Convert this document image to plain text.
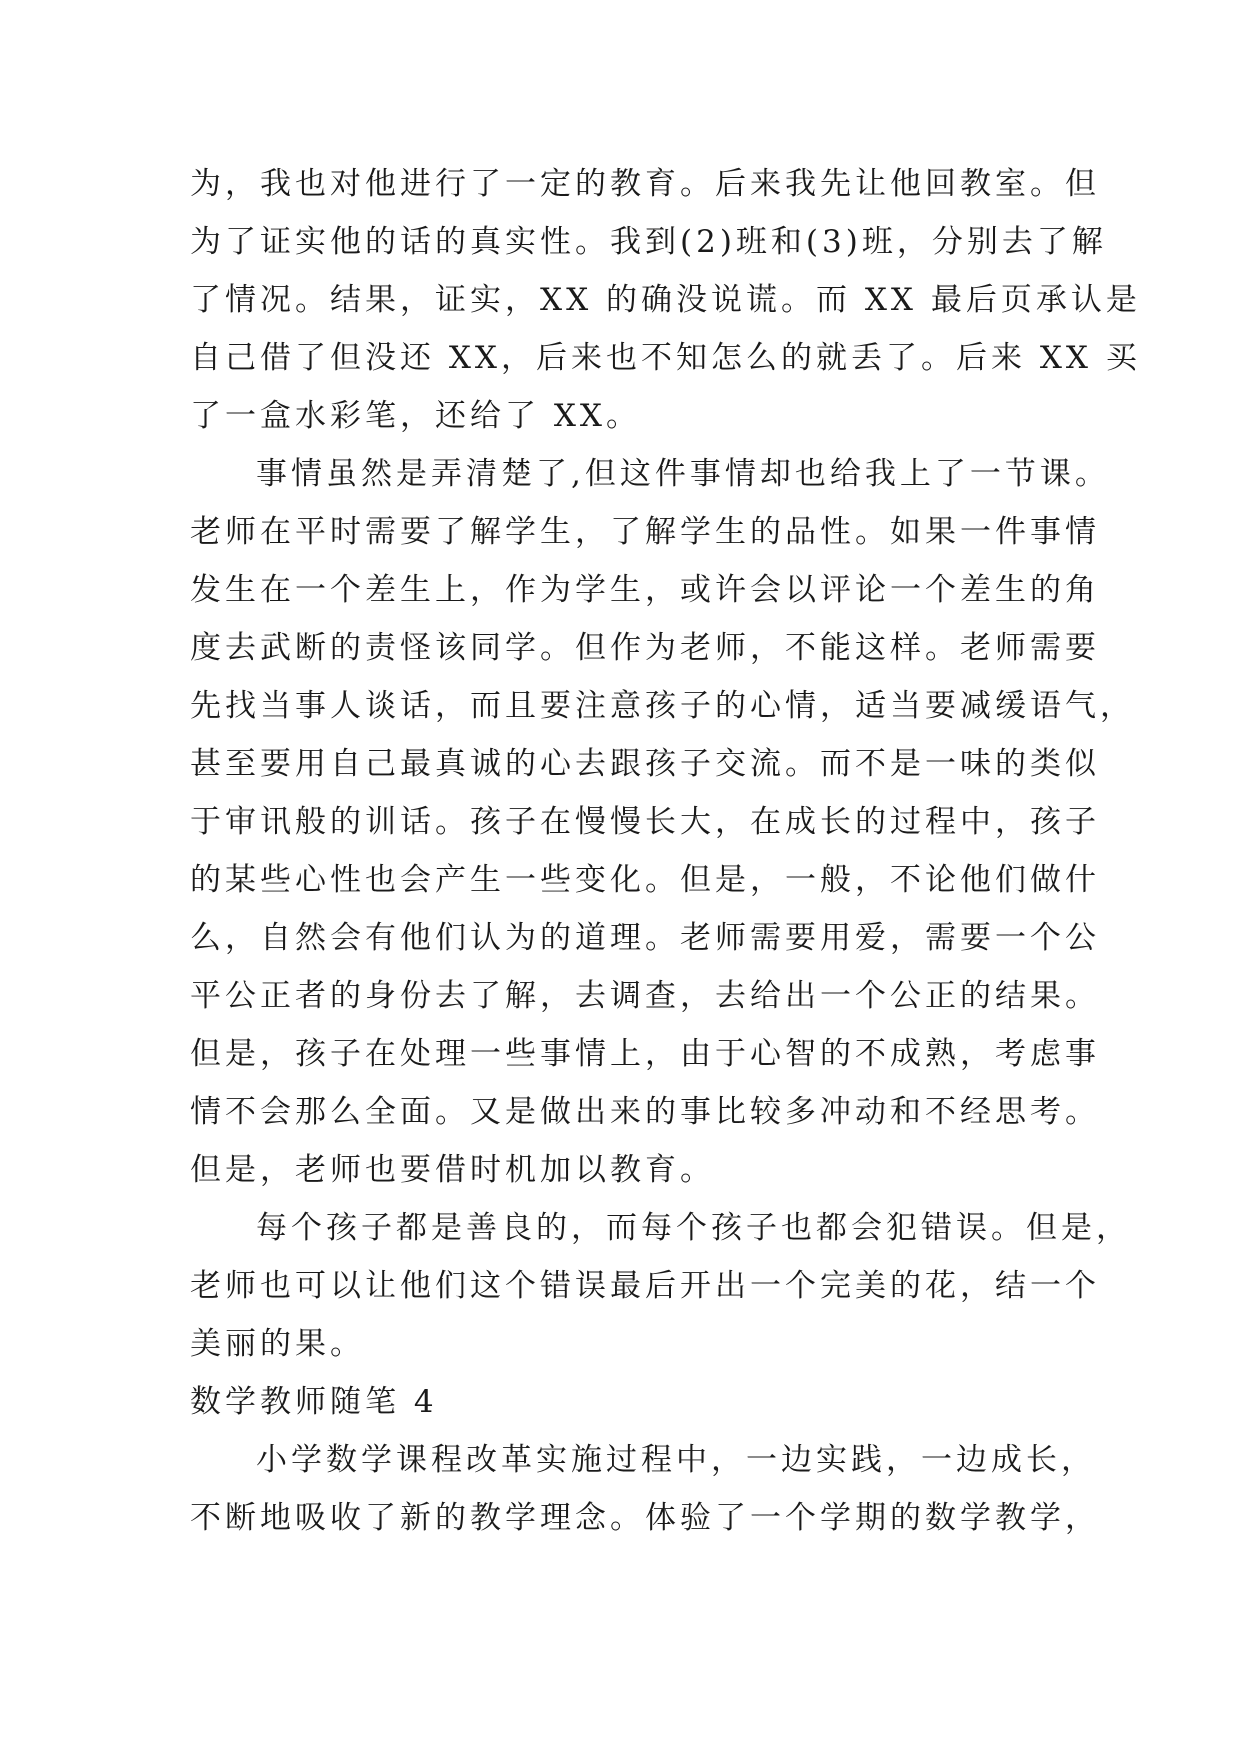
为，我也对他进行了一定的教育。后来我先让他回教室。但
为了证实他的话的真实性。我到(2)班和(3)班，分别去了解
了情况。结果，证实，XX 的确没说谎。而 XX 最后页承认是
自己借了但没还 XX，后来也不知怎么的就丢了。后来 XX 买
了一盒水彩笔，还给了 XX。
事情虽然是弄清楚了,但这件事情却也给我上了一节课。
老师在平时需要了解学生，了解学生的品性。如果一件事情
发生在一个差生上，作为学生，或许会以评论一个差生的角
度去武断的责怪该同学。但作为老师，不能这样。老师需要
先找当事人谈话，而且要注意孩子的心情，适当要减缓语气，
甚至要用自己最真诚的心去跟孩子交流。而不是一味的类似
于审讯般的训话。孩子在慢慢长大，在成长的过程中，孩子
的某些心性也会产生一些变化。但是，一般，不论他们做什
么，自然会有他们认为的道理。老师需要用爱，需要一个公
平公正者的身份去了解，去调查，去给出一个公正的结果。
但是，孩子在处理一些事情上，由于心智的不成熟，考虑事
情不会那么全面。又是做出来的事比较多冲动和不经思考。
但是，老师也要借时机加以教育。
每个孩子都是善良的，而每个孩子也都会犯错误。但是，
老师也可以让他们这个错误最后开出一个完美的花，结一个
美丽的果。
数学教师随笔 4
小学数学课程改革实施过程中，一边实践，一边成长，
不断地吸收了新的教学理念。体验了一个学期的数学教学，
